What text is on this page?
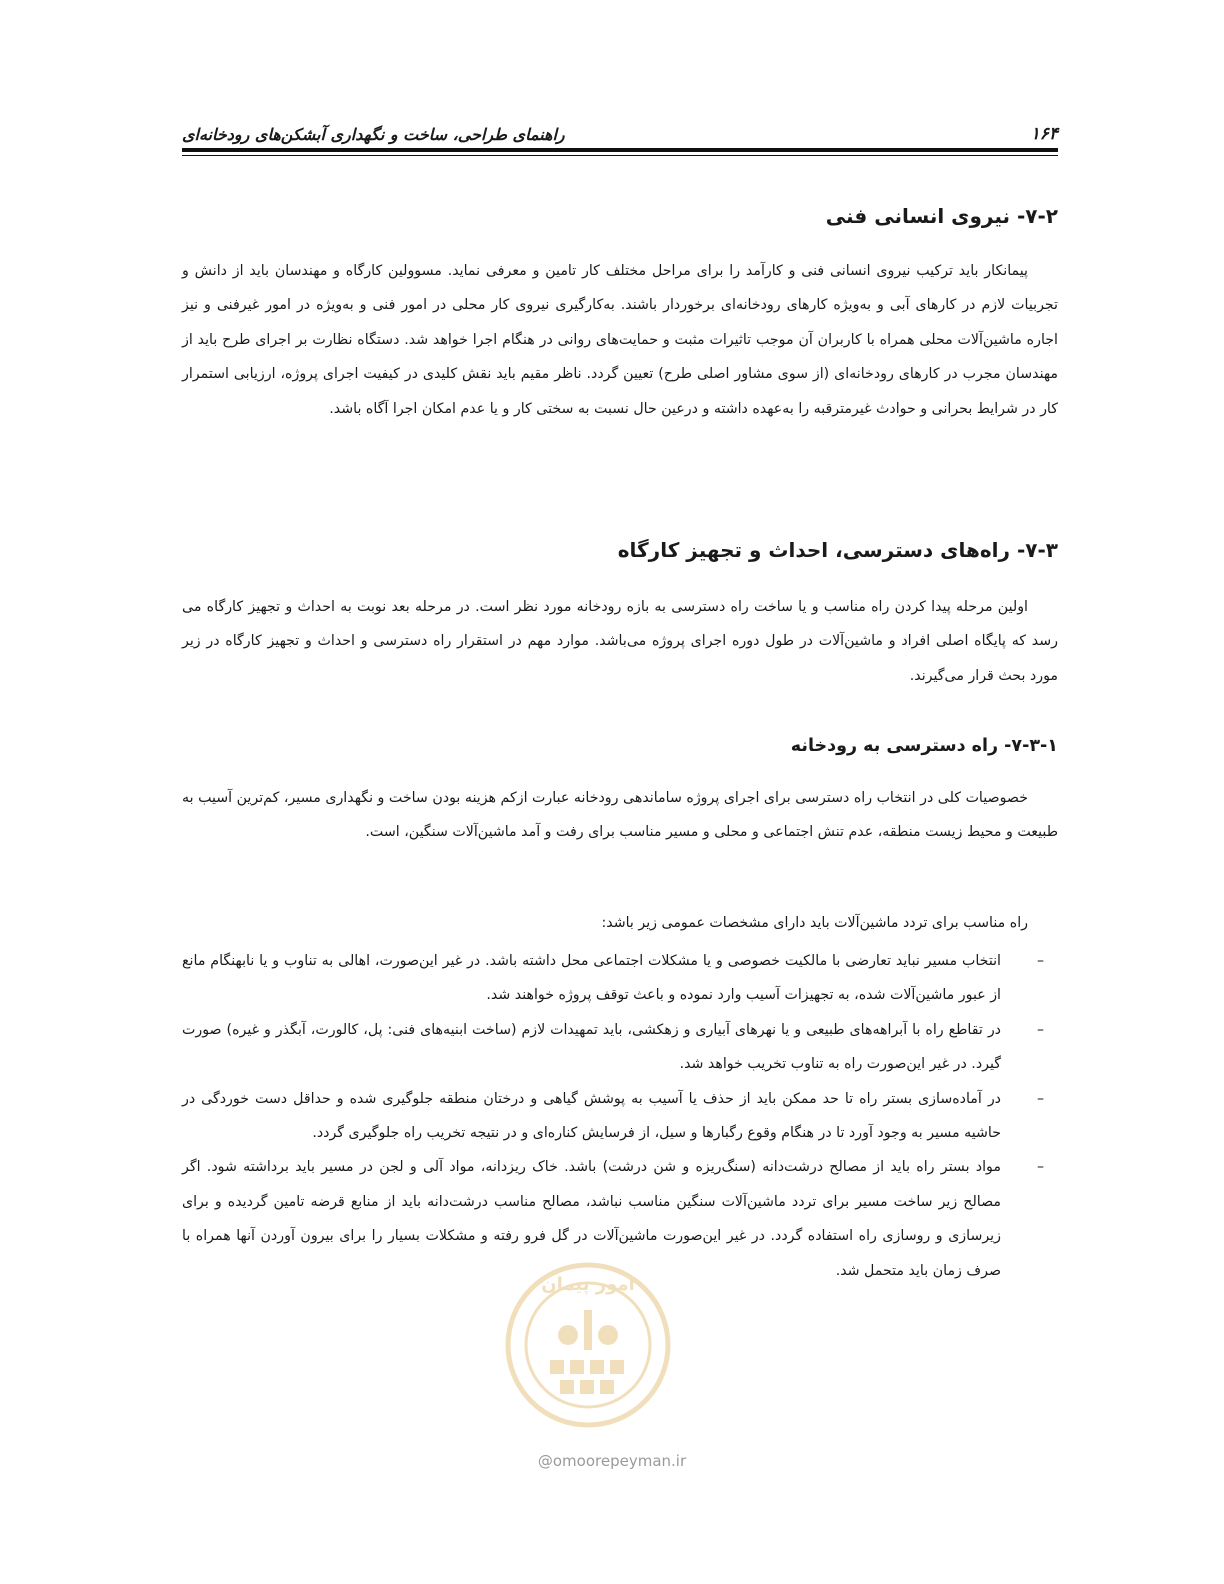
۱۶۴
راهنمای طراحی، ساخت و نگهداری آبشکن‌های رودخانه‌ای
۷-۲- نیروی انسانی فنی

پیمانکار باید ترکیب نیروی انسانی فنی و کارآمد را برای مراحل مختلف کار تامین و معرفی نماید. مسوولین کارگاه و مهندسان باید از دانش و تجربیات لازم در کارهای آبی و به‌ویژه کارهای رودخانه‌ای برخوردار باشند. به‌کارگیری نیروی کار محلی در امور فنی و به‌ویژه در امور غیرفنی و نیز اجاره ماشین‌آلات محلی همراه با کاربران آن موجب تاثیرات مثبت و حمایت‌های روانی در هنگام اجرا خواهد شد. دستگاه نظارت بر اجرای طرح باید از مهندسان مجرب در کارهای رودخانه‌ای (از سوی مشاور اصلی طرح) تعیین گردد. ناظر مقیم باید نقش کلیدی در کیفیت اجرای پروژه، ارزیابی استمرار کار در شرایط بحرانی و حوادث غیرمترقبه را به‌عهده داشته و درعین حال نسبت به سختی کار و یا عدم امکان اجرا آگاه باشد.

۷-۳- راه‌های دسترسی، احداث و تجهیز کارگاه

اولین مرحله پیدا کردن راه مناسب و یا ساخت راه دسترسی به بازه رودخانه مورد نظر است. در مرحله بعد نوبت به احداث و تجهیز کارگاه می رسد که پایگاه اصلی افراد و ماشین‌آلات در طول دوره اجرای پروژه می‌باشد. موارد مهم در استقرار راه دسترسی و احداث و تجهیز کارگاه در زیر مورد بحث قرار می‌گیرند.

۷-۳-۱- راه دسترسی به رودخانه

خصوصیات کلی در انتخاب راه دسترسی برای اجرای پروژه ساماندهی رودخانه عبارت ازکم هزینه بودن ساخت و نگهداری مسیر، کم‌ترین آسیب به طبیعت و محیط زیست منطقه، عدم تنش اجتماعی و محلی و مسیر مناسب برای رفت و آمد ماشین‌آلات سنگین، است.

راه مناسب برای تردد ماشین‌آلات باید دارای مشخصات عمومی زیر باشد:

–
انتخاب مسیر نباید تعارضی با مالکیت خصوصی و یا مشکلات اجتماعی محل داشته باشد. در غیر این‌صورت، اهالی به تناوب و یا نابهنگام مانع از عبور ماشین‌آلات شده، به تجهیزات آسیب وارد نموده و باعث توقف پروژه خواهند شد.
–
در تقاطع راه با آبراهه‌های طبیعی و یا نهرهای آبیاری و زهکشی، باید تمهیدات لازم (ساخت ابنیه‌های فنی: پل، کالورت، آبگذر و غیره) صورت گیرد. در غیر این‌صورت راه به تناوب تخریب خواهد شد.
–
در آماده‌سازی بستر راه تا حد ممکن باید از حذف یا آسیب به پوشش گیاهی و درختان منطقه جلوگیری شده و حداقل دست خوردگی در حاشیه مسیر به وجود آورد تا در هنگام وقوع رگبارها و سیل، از فرسایش کناره‌ای و در نتیجه تخریب راه جلوگیری گردد.
–
مواد بستر راه باید از مصالح درشت‌دانه (سنگ‌ریزه و شن درشت) باشد. خاک ریزدانه، مواد آلی و لجن در مسیر باید برداشته شود. اگر مصالح زیر ساخت مسیر برای تردد ماشین‌آلات سنگین مناسب نباشد، مصالح مناسب درشت‌دانه باید از منابع قرضه تامین گردیده و برای زیرسازی و روسازی راه استفاده گردد. در غیر این‌صورت ماشین‌آلات در گل فرو رفته و مشکلات بسیار را برای بیرون آوردن آنها همراه با صرف زمان باید متحمل شد.
امور پیمان
@omoorepeyman.ir
